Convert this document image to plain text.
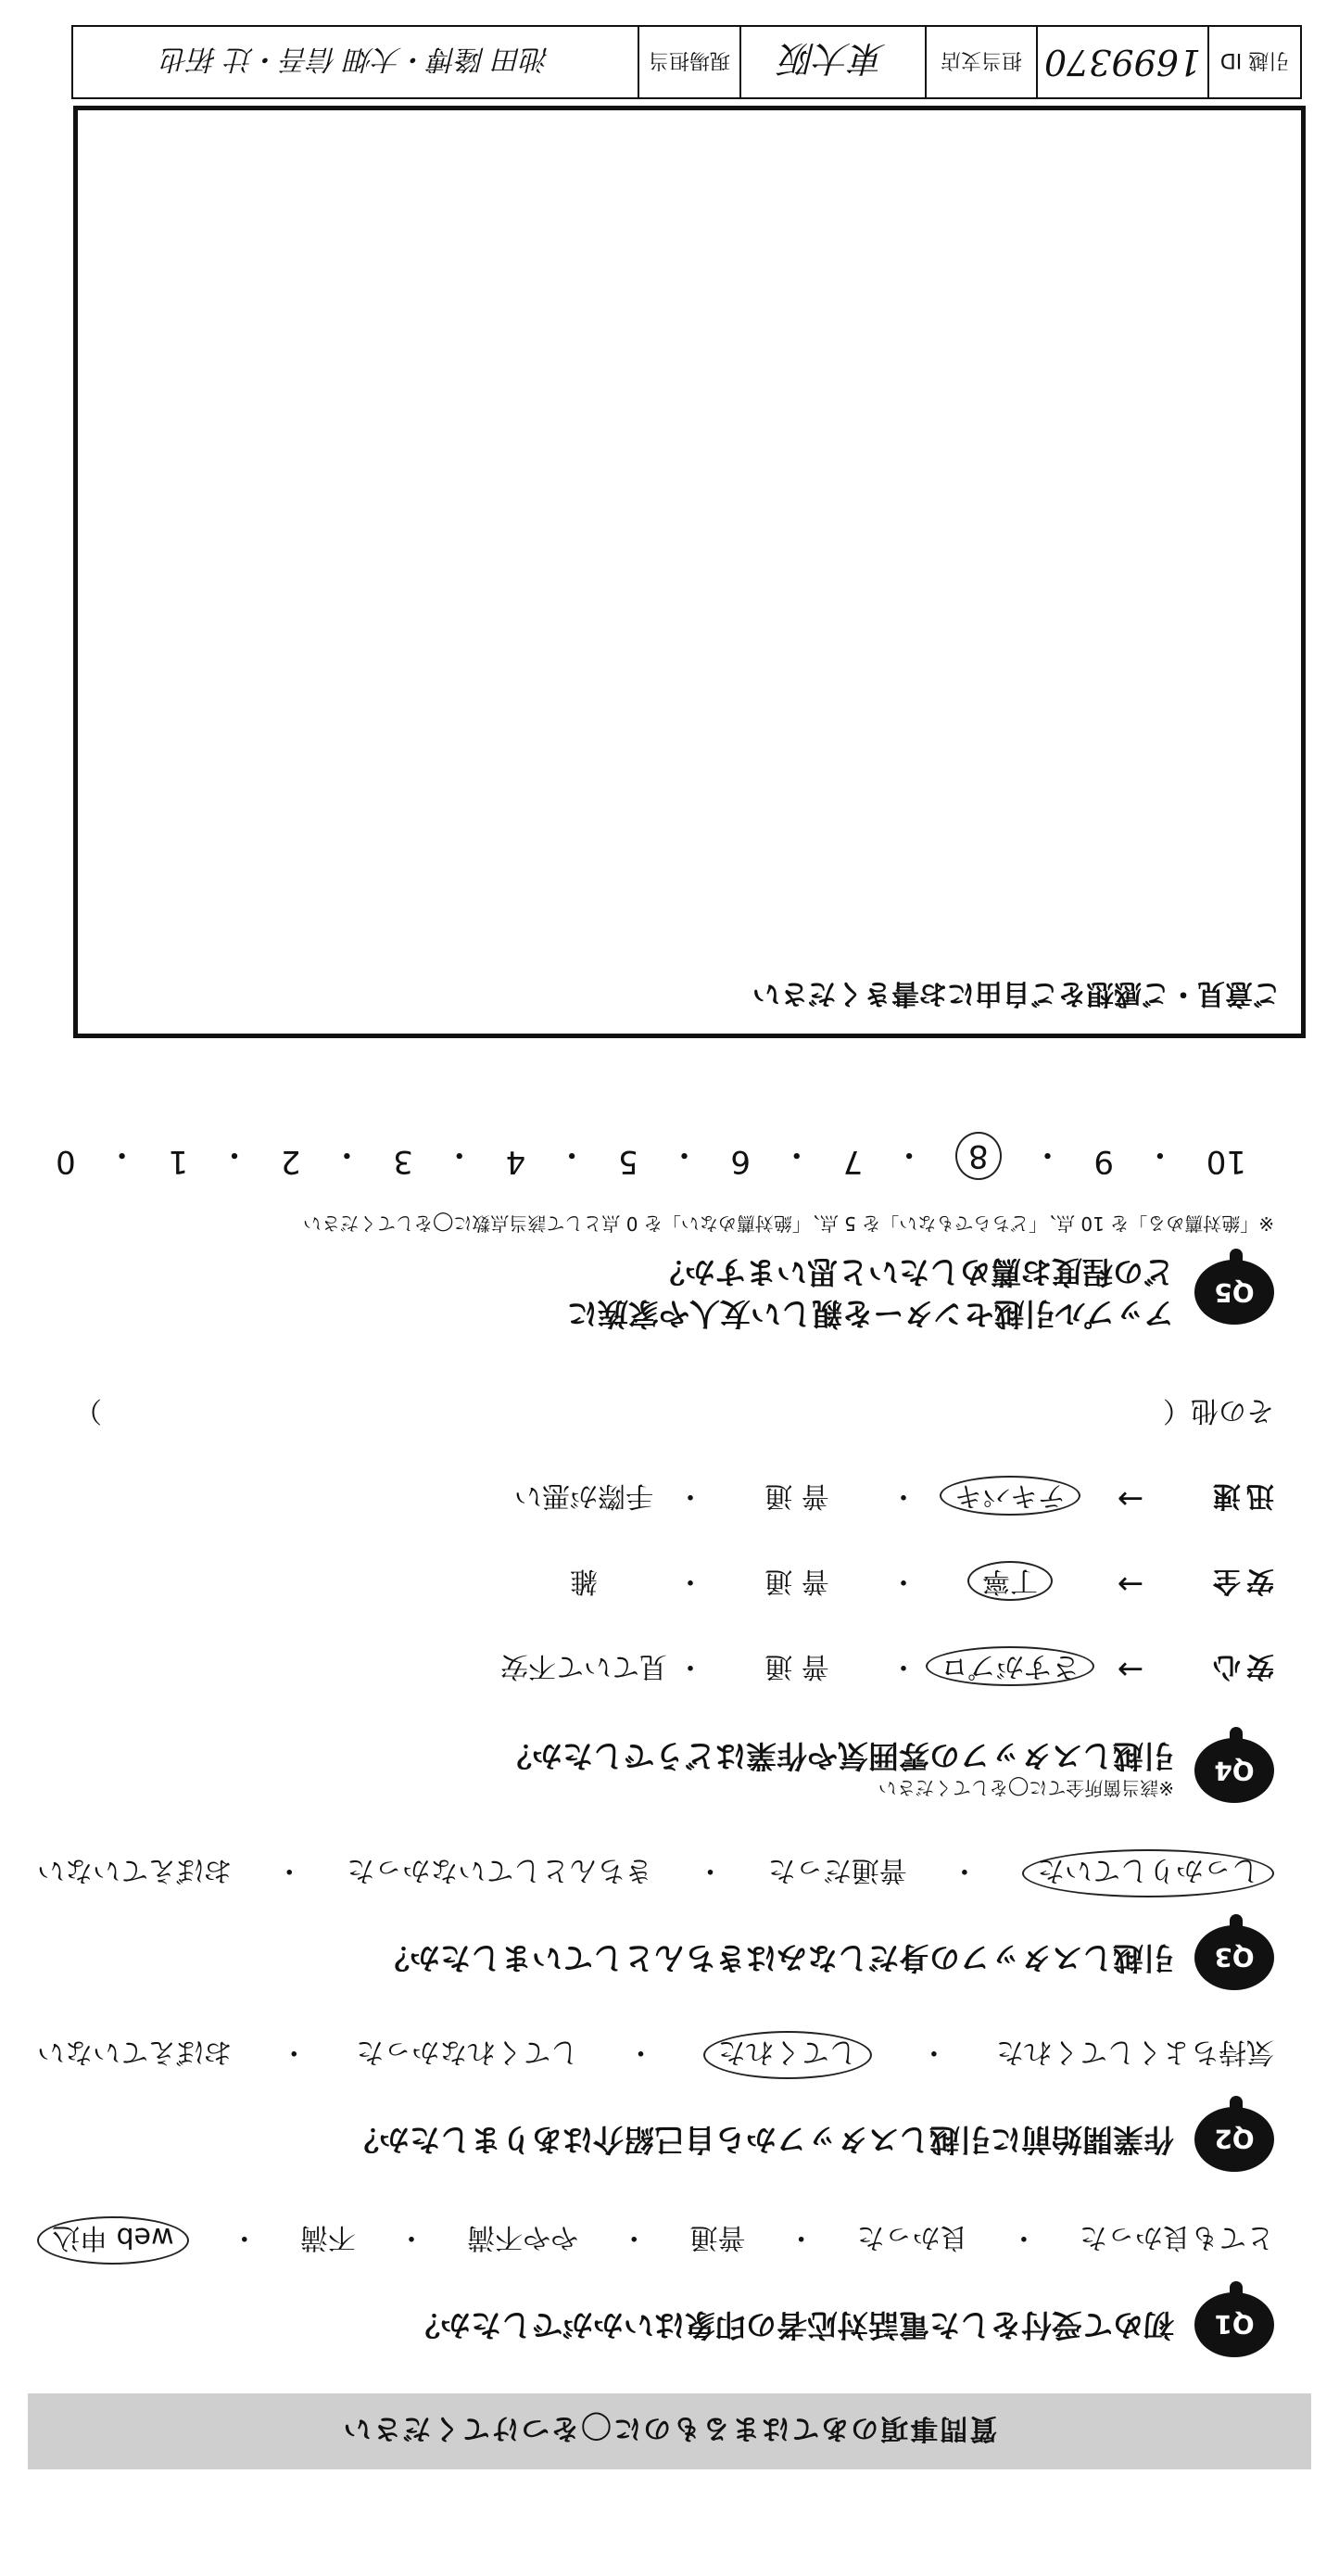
質問事項のあてはまるものに◯をつけてください
Q1
初めて受付をした電話対応者の印象はいかがでしたか？
とても良かった
・
良かった
・
普通
・
やや不満
・
不満
・
web 申込
Q2
作業開始前に引越しスタッフから自己紹介はありましたか？
気持ちよくしてくれた
・
してくれた
・
してくれなかった
・
おぼえていない
Q3
引越しスタッフの身だしなみはきちんとしていましたか？
しっかりしていた
・
普通だった
・
きちんとしていなかった
・
おぼえていない
Q4
※該当箇所全てに◯をしてください
引越しスタッフの雰囲気や作業はどうでしたか？
安心
→
さすがプロ
・
普 通
・
見ていて不安
安全
→
丁寧
・
普 通
・
雑
迅速
→
テキパキ
・
普 通
・
手際が悪い
その他（
）
Q5
アップル引越センターを親しい友人や家族に
どの程度お薦めしたいと思いますか？
※「絶対薦める」を 10 点、「どちらでもない」を 5 点、「絶対薦めない」を 0 点として該当点数に◯をしてください
10
・
9
・
8
・
7
・
6
・
5
・
4
・
3
・
2
・
1
・
0
ご意見・ご感想をご自由にお書きください
引越 ID
1699370
担当支店
東大阪
現場担当
池田 隆博・大畑 信吾・辻 拓也
